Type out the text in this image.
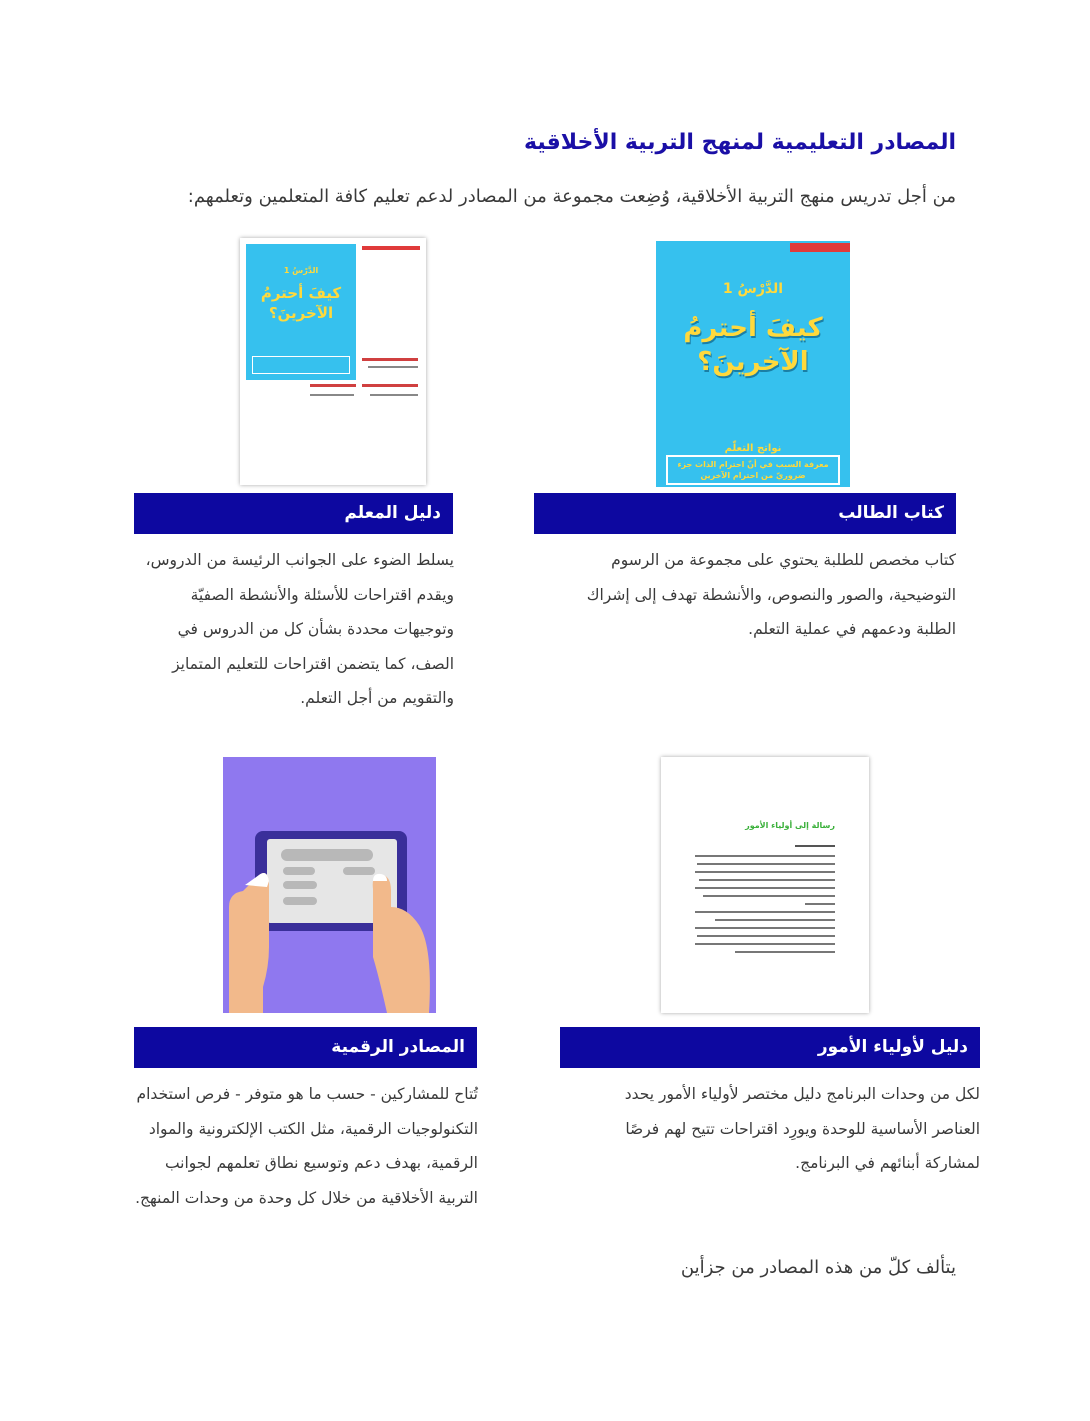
المصادر التعليمية لمنهج التربية الأخلاقية
من أجل تدريس منهج التربية الأخلاقية، وُضِعت مجموعة من المصادر لدعم تعليم كافة المتعلمين وتعلمهم:
الدَّرْسُ 1
كيفَ أحترمُ
الآخرينَ؟
الدَّرْسُ 1
كيفَ أحترمُ
الآخرينَ؟
نواتج التعلّم
معرفة السبب في أنّ احترام الذات جزء ضروريّ من احترام الآخرين
دليل المعلم	كتاب الطالب
يسلط الضوء على الجوانب الرئيسة من الدروس، ويقدم اقتراحات للأسئلة والأنشطة الصفيّة وتوجيهات محددة بشأن كل من الدروس في الصف، كما يتضمن اقتراحات للتعليم المتمايز والتقويم من أجل التعلم.
كتاب مخصص للطلبة يحتوي على مجموعة من الرسوم التوضيحية، والصور والنصوص، والأنشطة تهدف إلى إشراك الطلبة ودعمهم في عملية التعلم.
رسالة إلى أولياء الأمور
المصادر الرقمية	دليل لأولياء الأمور
تُتاح للمشاركين - حسب ما هو متوفر - فرص استخدام التكنولوجيات الرقمية، مثل الكتب الإلكترونية والمواد الرقمية، بهدف دعم وتوسيع نطاق تعلمهم لجوانب التربية الأخلاقية من خلال كل وحدة من وحدات المنهج.
لكل من وحدات البرنامج دليل مختصر لأولياء الأمور يحدد العناصر الأساسية للوحدة ويورِد اقتراحات تتيح لهم فرصًا لمشاركة أبنائهم في البرنامج.
يتألف كلّ من هذه المصادر من جزأين
